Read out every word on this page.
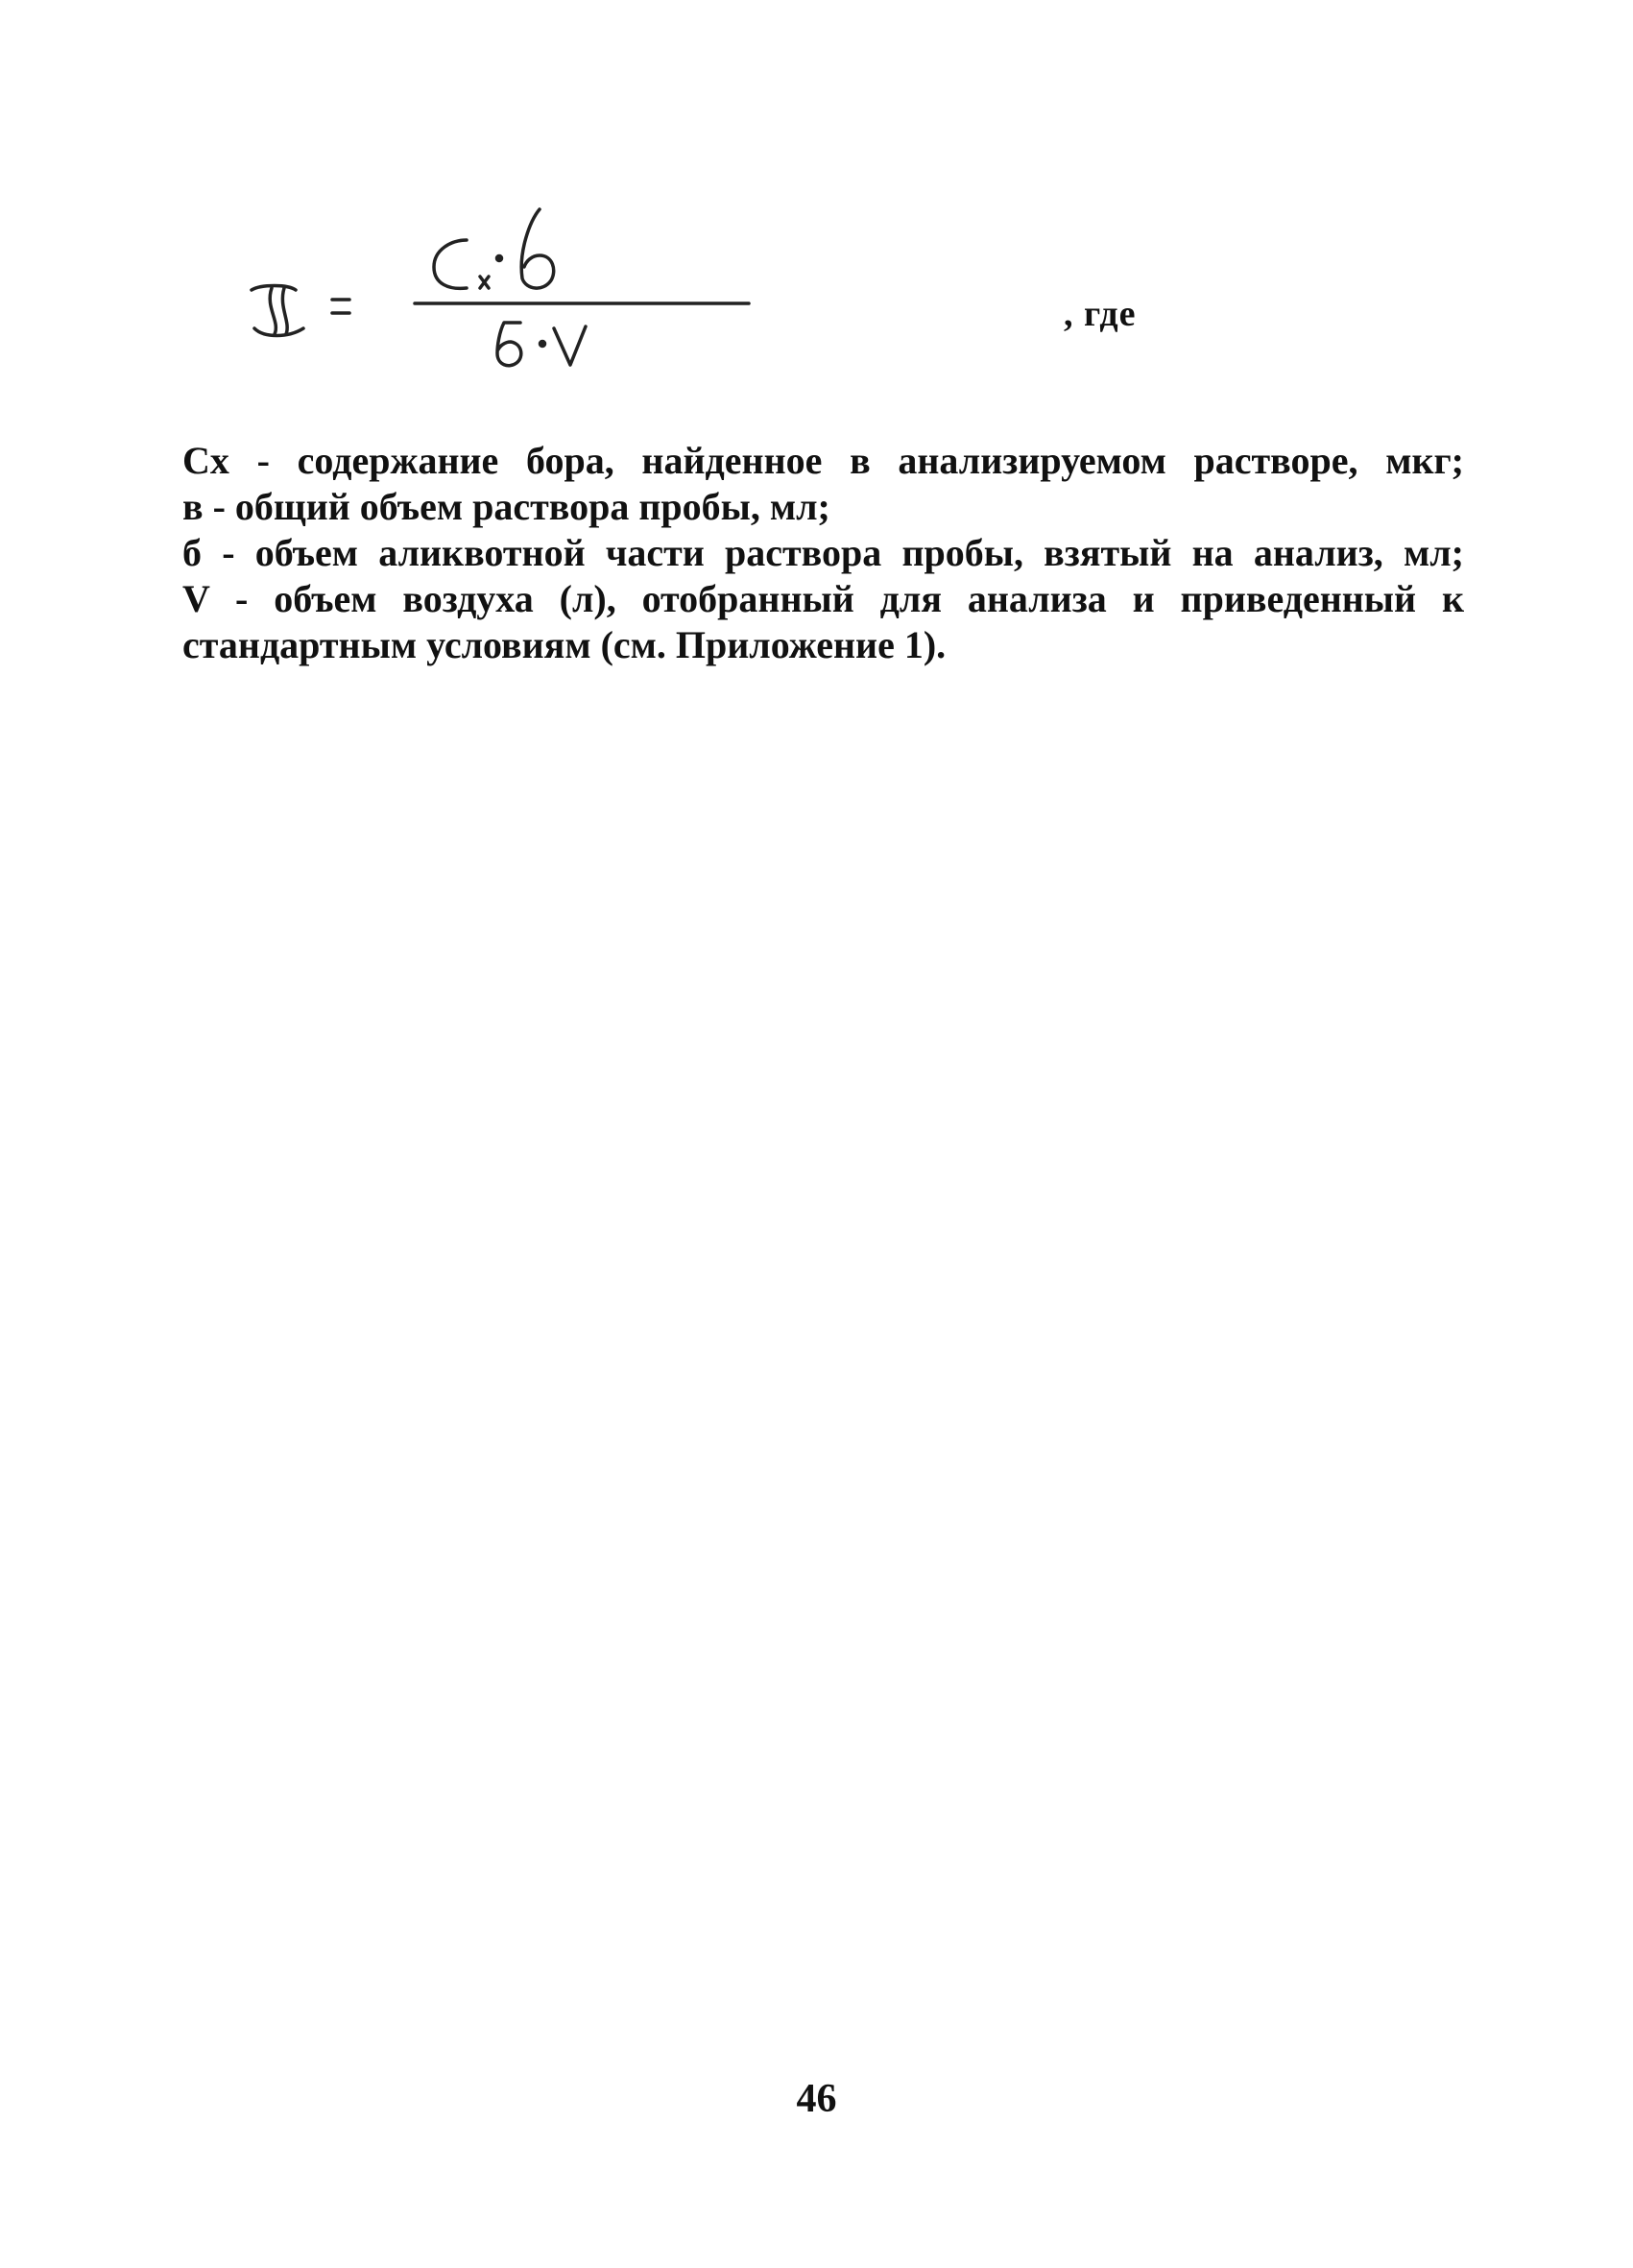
, где
Cx - содержание бора, найденное в анализируемом растворе, мкг;
в - общий объем раствора пробы, мл;
б - объем аликвотной части раствора пробы, взятый на анализ, мл;
V - объем воздуха (л), отобранный для анализа и приведенный к
стандартным условиям (см. Приложение 1).
46
